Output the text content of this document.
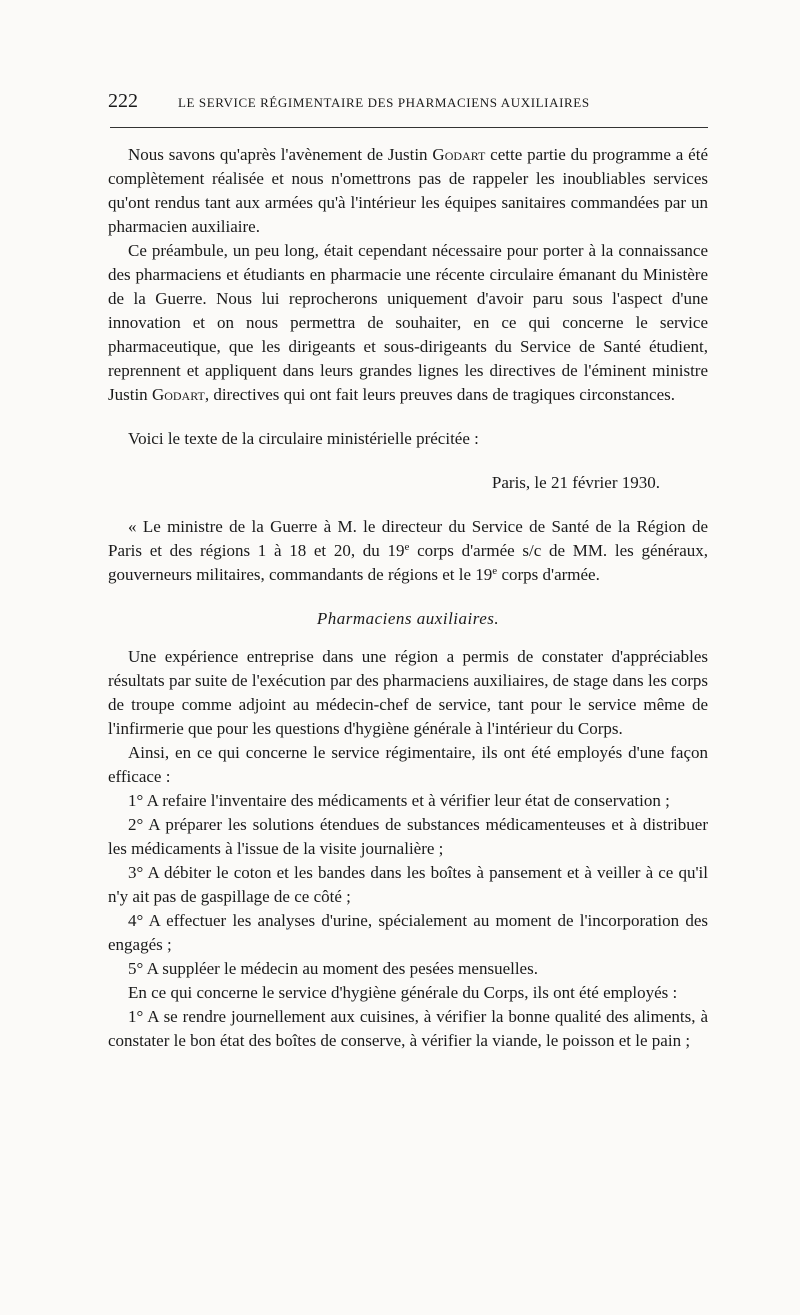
222	LE SERVICE RÉGIMENTAIRE DES PHARMACIENS AUXILIAIRES

Nous savons qu'après l'avènement de Justin Godart cette partie du programme a été complètement réalisée et nous n'omettrons pas de rappeler les inoubliables services qu'ont rendus tant aux armées qu'à l'intérieur les équipes sanitaires commandées par un pharmacien auxiliaire.

Ce préambule, un peu long, était cependant nécessaire pour porter à la connaissance des pharmaciens et étudiants en pharmacie une récente circulaire émanant du Ministère de la Guerre. Nous lui reprocherons uniquement d'avoir paru sous l'aspect d'une innovation et on nous permettra de souhaiter, en ce qui concerne le service pharmaceutique, que les dirigeants et sous-dirigeants du Service de Santé étudient, reprennent et appliquent dans leurs grandes lignes les directives de l'éminent ministre Justin Godart, directives qui ont fait leurs preuves dans de tragiques circonstances.

Voici le texte de la circulaire ministérielle précitée :

Paris, le 21 février 1930.

« Le ministre de la Guerre à M. le directeur du Service de Santé de la Région de Paris et des régions 1 à 18 et 20, du 19e corps d'armée s/c de MM. les généraux, gouverneurs militaires, commandants de régions et le 19e corps d'armée.

Pharmaciens auxiliaires.

Une expérience entreprise dans une région a permis de constater d'appréciables résultats par suite de l'exécution par des pharmaciens auxiliaires, de stage dans les corps de troupe comme adjoint au médecin-chef de service, tant pour le service même de l'infirmerie que pour les questions d'hygiène générale à l'intérieur du Corps.

Ainsi, en ce qui concerne le service régimentaire, ils ont été employés d'une façon efficace :

1° A refaire l'inventaire des médicaments et à vérifier leur état de conservation ;

2° A préparer les solutions étendues de substances médicamenteuses et à distribuer les médicaments à l'issue de la visite journalière ;

3° A débiter le coton et les bandes dans les boîtes à pansement et à veiller à ce qu'il n'y ait pas de gaspillage de ce côté ;

4° A effectuer les analyses d'urine, spécialement au moment de l'incorporation des engagés ;

5° A suppléer le médecin au moment des pesées mensuelles.

En ce qui concerne le service d'hygiène générale du Corps, ils ont été employés :

1° A se rendre journellement aux cuisines, à vérifier la bonne qualité des aliments, à constater le bon état des boîtes de conserve, à vérifier la viande, le poisson et le pain ;
